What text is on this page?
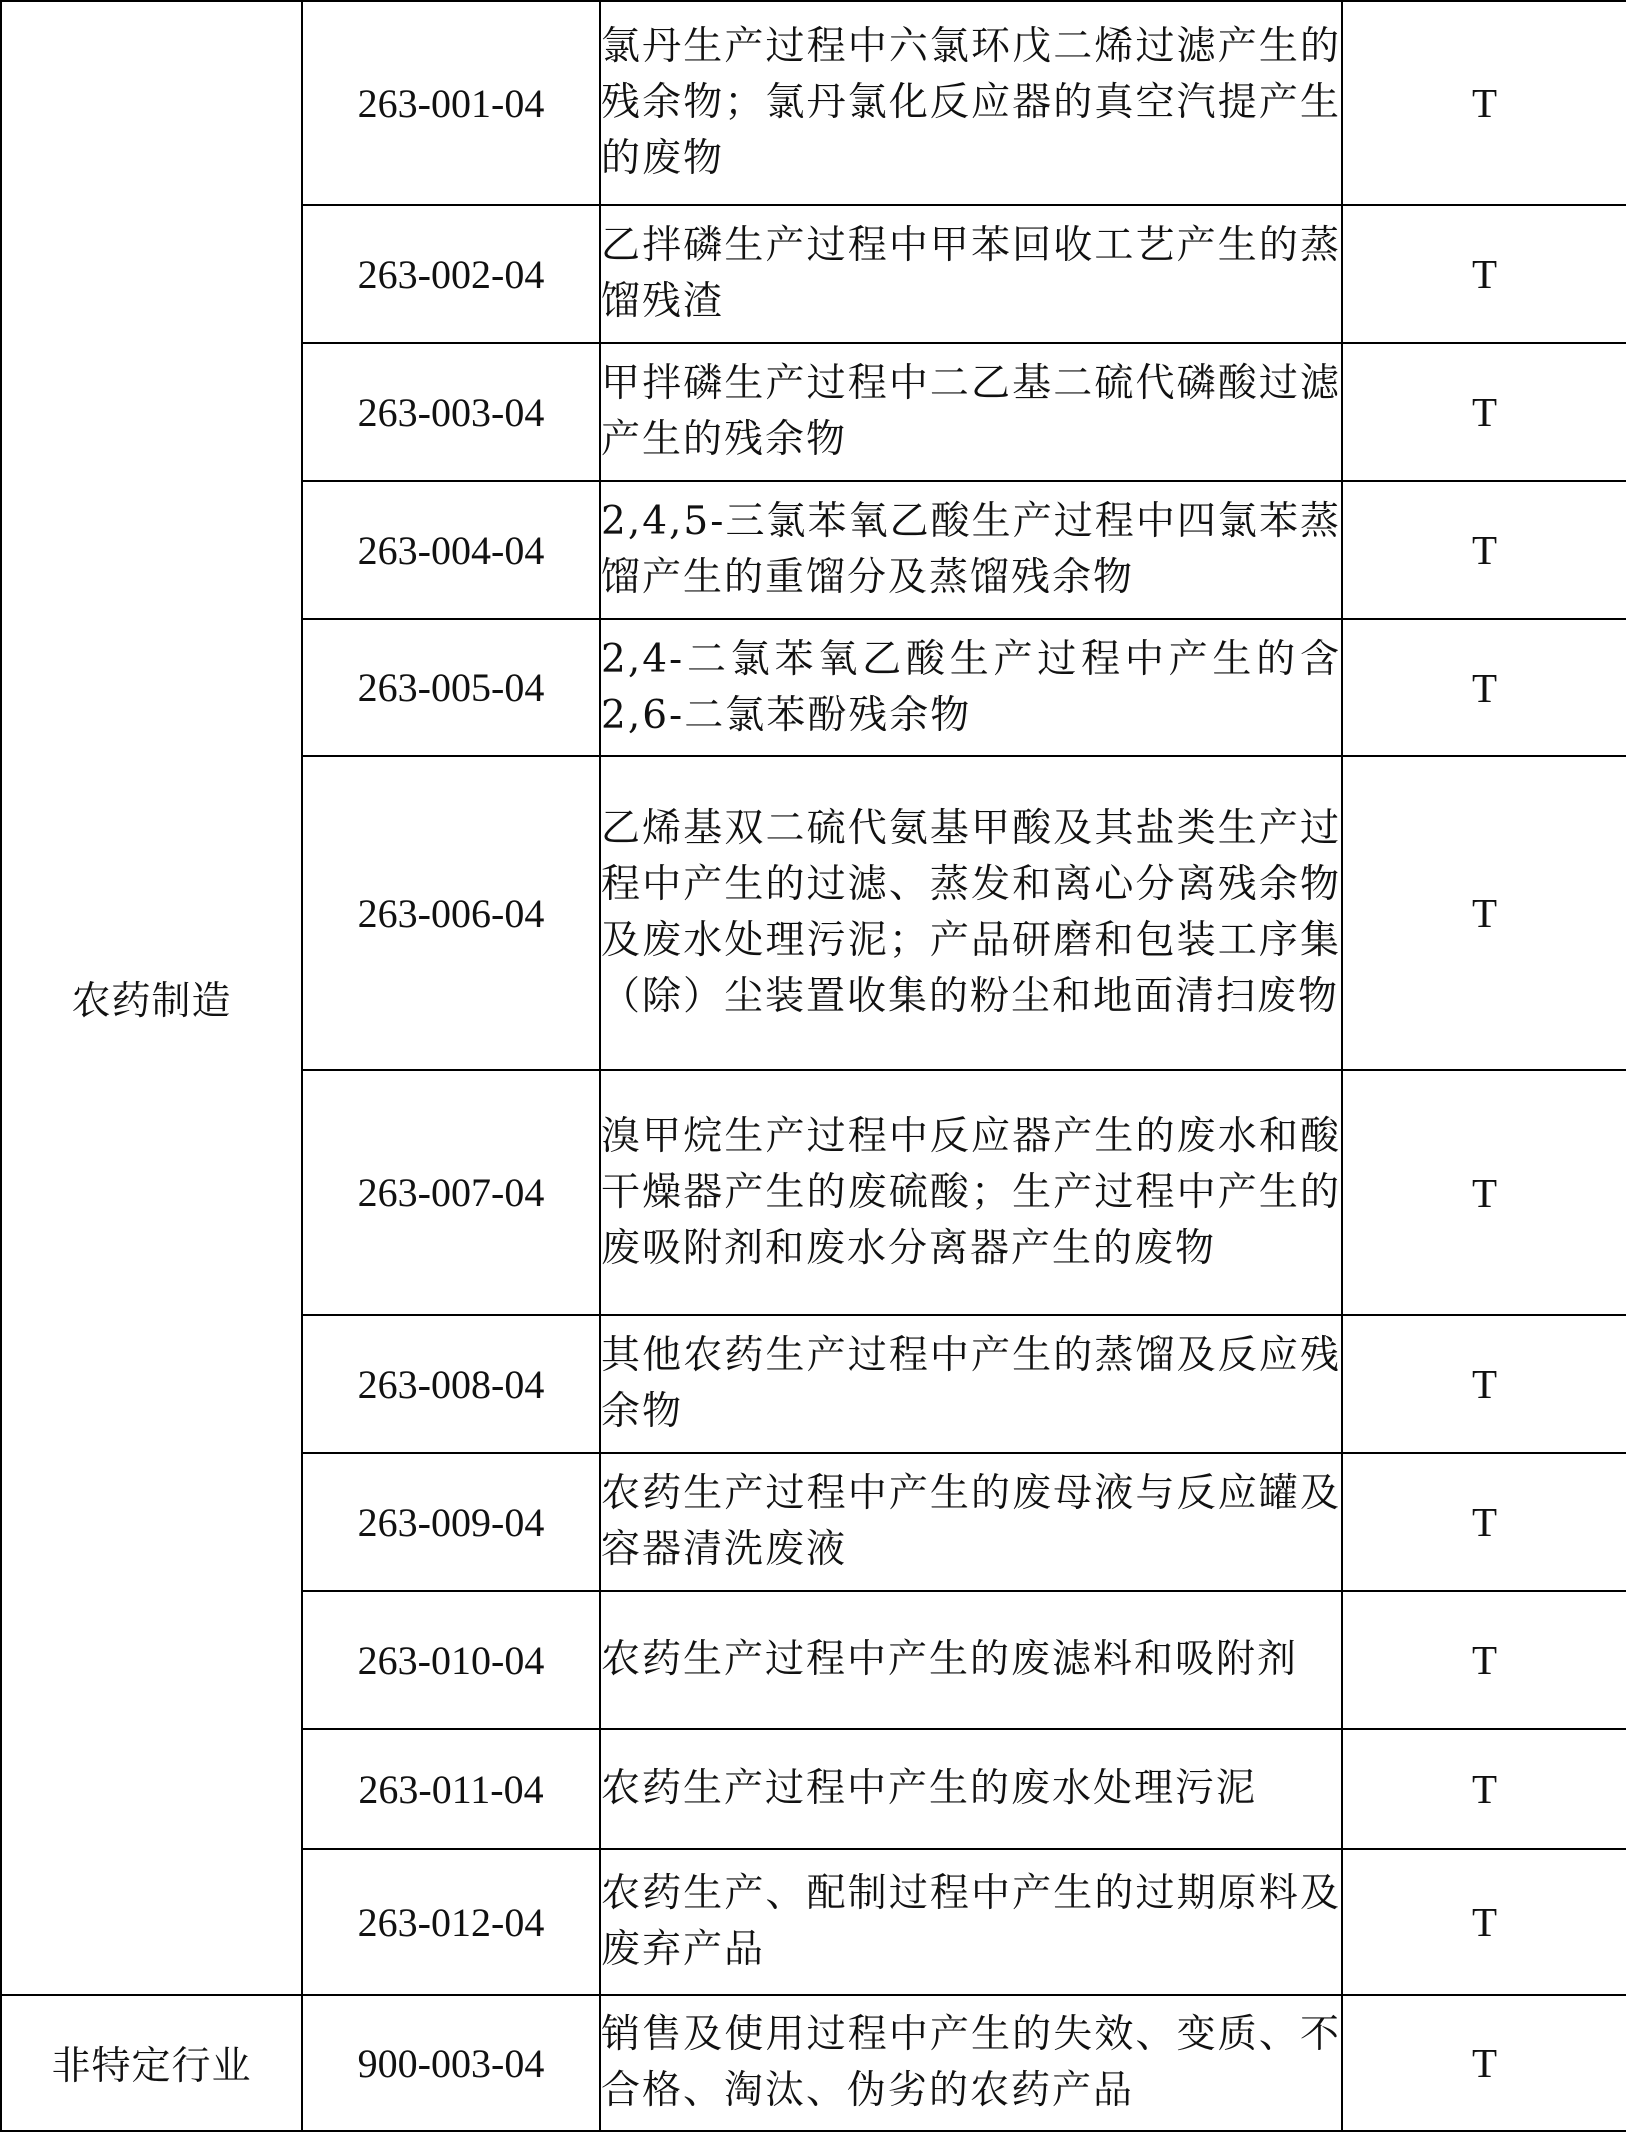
农药制造	263-001-04	氯丹生产过程中六氯环戊二烯过滤产生的残余物；氯丹氯化反应器的真空汽提产生的废物	T
	263-002-04	乙拌磷生产过程中甲苯回收工艺产生的蒸馏残渣	T
	263-003-04	甲拌磷生产过程中二乙基二硫代磷酸过滤产生的残余物	T
	263-004-04	2,4,5-三氯苯氧乙酸生产过程中四氯苯蒸馏产生的重馏分及蒸馏残余物	T
	263-005-04	2,4-二氯苯氧乙酸生产过程中产生的含 2,6-二氯苯酚残余物	T
	263-006-04	乙烯基双二硫代氨基甲酸及其盐类生产过程中产生的过滤、蒸发和离心分离残余物及废水处理污泥；产品研磨和包装工序集（除）尘装置收集的粉尘和地面清扫废物	T
	263-007-04	溴甲烷生产过程中反应器产生的废水和酸干燥器产生的废硫酸；生产过程中产生的废吸附剂和废水分离器产生的废物	T
	263-008-04	其他农药生产过程中产生的蒸馏及反应残余物	T
	263-009-04	农药生产过程中产生的废母液与反应罐及容器清洗废液	T
	263-010-04	农药生产过程中产生的废滤料和吸附剂	T
	263-011-04	农药生产过程中产生的废水处理污泥	T
	263-012-04	农药生产、配制过程中产生的过期原料及废弃产品	T
非特定行业	900-003-04	销售及使用过程中产生的失效、变质、不合格、淘汰、伪劣的农药产品	T
